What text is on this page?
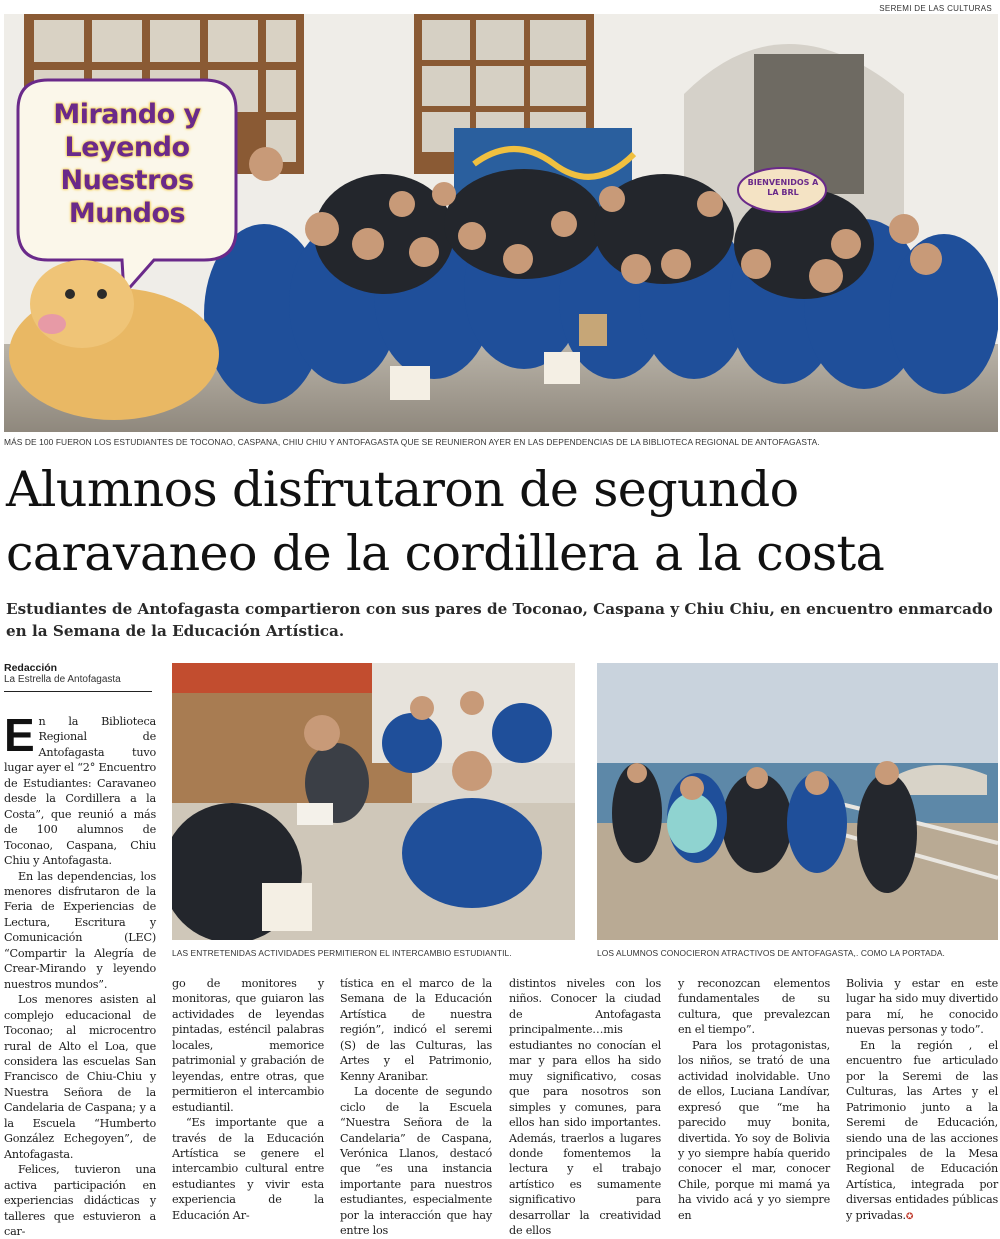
SEREMI DE LAS CULTURAS
Mirando y Leyendo Nuestros Mundos
BIENVENIDOS A LA BRL
MÁS DE 100 FUERON LOS ESTUDIANTES DE TOCONAO, CASPANA, CHIU CHIU Y ANTOFAGASTA QUE SE REUNIERON AYER EN LAS DEPENDENCIAS DE LA BIBLIOTECA REGIONAL DE ANTOFAGASTA.
Alumnos disfrutaron de segundo caravaneo de la cordillera a la costa

Estudiantes de Antofagasta compartieron con sus pares de Toconao, Caspana y Chiu Chiu, en encuentro enmarcado en la Semana de la Educación Artística.

Redacción
La Estrella de Antofagasta
LAS ENTRETENIDAS ACTIVIDADES PERMITIERON EL INTERCAMBIO ESTUDIANTIL.	LOS ALUMNOS CONOCIERON ATRACTIVOS DE ANTOFAGASTA,. COMO LA PORTADA.

En la Biblioteca Regional de Antofagasta tuvo lugar ayer el “2° Encuentro de Estudiantes: Caravaneo desde la Cordillera a la Costa”, que reunió a más de 100 alumnos de Toconao, Caspana, Chiu Chiu y Antofagasta.

En las dependencias, los menores disfrutaron de la Feria de Experiencias de Lectura, Escritura y Comunicación (LEC) “Compartir la Alegría de Crear-Mirando y leyendo nuestros mundos”.

Los menores asisten al complejo educacional de Toconao; al microcentro rural de Alto el Loa, que considera las escuelas San Francisco de Chiu-Chiu y Nuestra Señora de la Candelaria de Caspana; y a la Escuela “Humberto González Echegoyen”, de Antofagasta.

Felices, tuvieron una activa participación en experiencias didácticas y talleres que estuvieron a car-

go de monitores y monitoras, que guiaron las actividades de leyendas pintadas, esténcil palabras locales, memorice patrimonial y grabación de leyendas, entre otras, que permitieron el intercambio estudiantil.

“Es importante que a través de la Educación Artística se genere el intercambio cultural entre estudiantes y vivir esta experiencia de la Educación Ar-

tística en el marco de la Semana de la Educación Artística de nuestra región”, indicó el seremi (S) de las Culturas, las Artes y el Patrimonio, Kenny Aranibar.

La docente de segundo ciclo de la Escuela “Nuestra Señora de la Candelaria” de Caspana, Verónica Llanos, destacó que “es una instancia importante para nuestros estudiantes, especialmente por la interacción que hay entre los

distintos niveles con los niños. Conocer la ciudad de Antofagasta principalmente…mis estudiantes no conocían el mar y para ellos ha sido muy significativo, cosas que para nosotros son simples y comunes, para ellos han sido importantes. Además, traerlos a lugares donde fomentemos la lectura y el trabajo artístico es sumamente significativo para desarrollar la creatividad de ellos

y reconozcan elementos fundamentales de su cultura, que prevalezcan en el tiempo”.

Para los protagonistas, los niños, se trató de una actividad inolvidable. Uno de ellos, Luciana Landívar, expresó que “me ha parecido muy bonita, divertida. Yo soy de Bolivia y yo siempre había querido conocer el mar, conocer Chile, porque mi mamá ya ha vivido acá y yo siempre en

Bolivia y estar en este lugar ha sido muy divertido para mí, he conocido nuevas personas y todo”.

En la región , el encuentro fue articulado por la Seremi de las Culturas, las Artes y el Patrimonio junto a la Seremi de Educación, siendo una de las acciones principales de la Mesa Regional de Educación Artística, integrada por diversas entidades públicas y privadas.✪
